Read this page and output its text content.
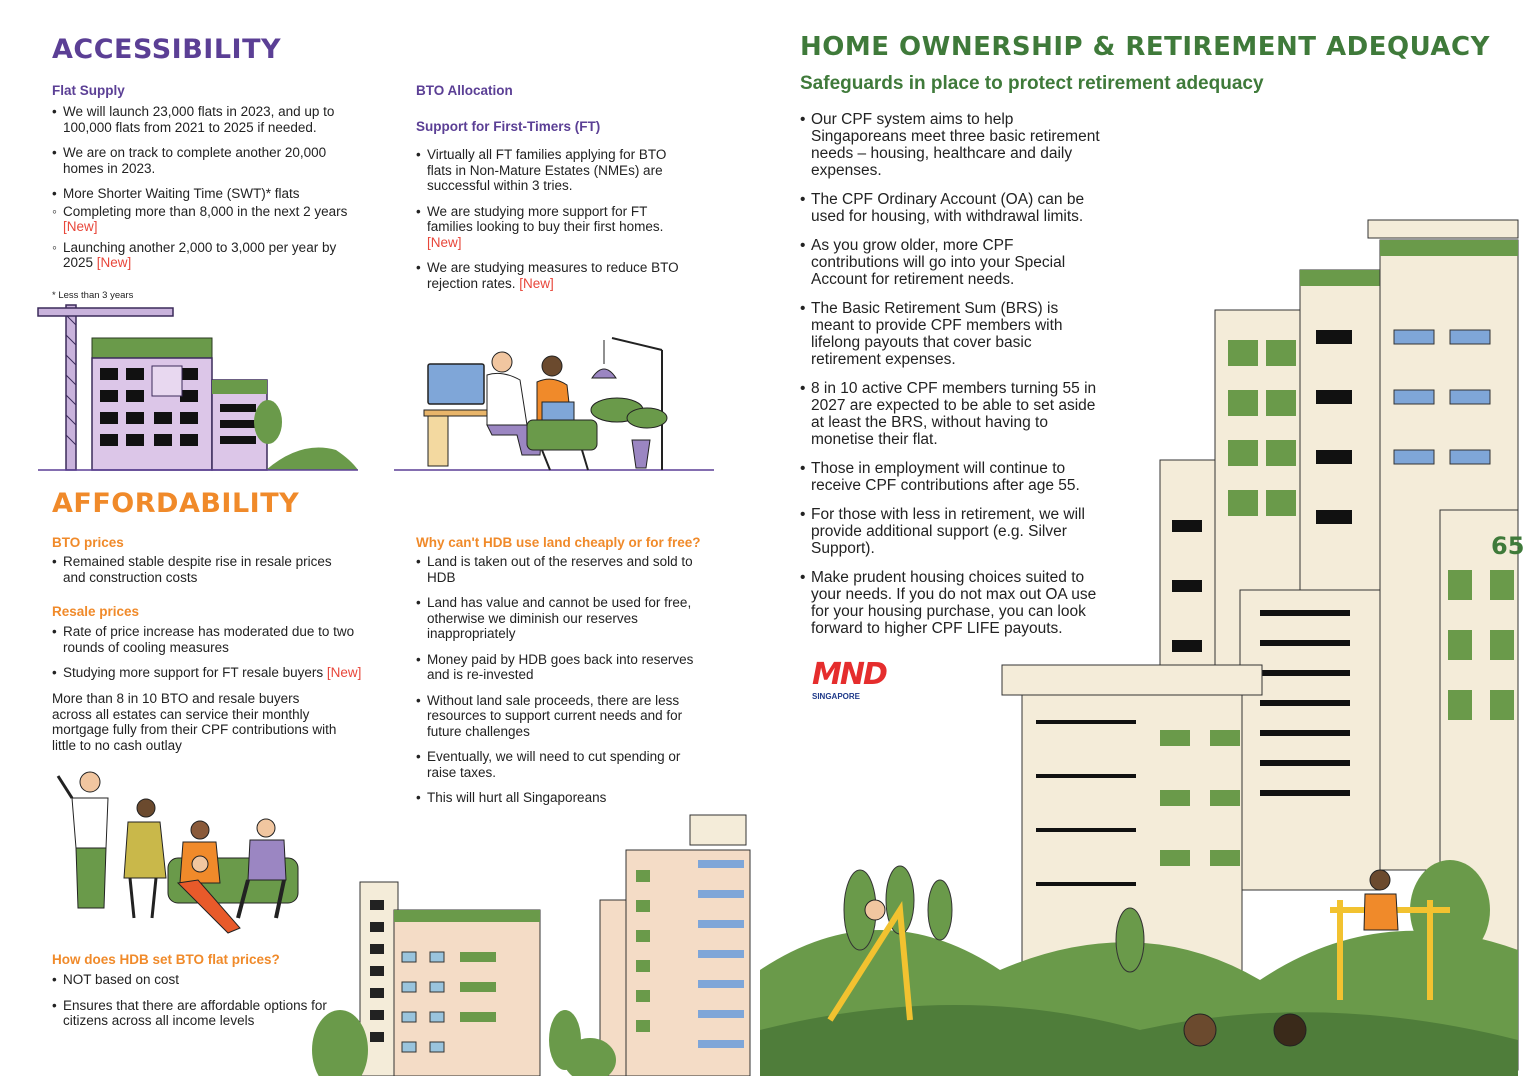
ACCESSIBILITY
Flat Supply
• We will launch 23,000 flats in 2023, and up to 100,000 flats from 2021 to 2025 if needed.
• We are on track to complete another 20,000 homes in 2023.
• More Shorter Waiting Time (SWT)* flats
◦ Completing more than 8,000 in the next 2 years [New]
◦ Launching another 2,000 to 3,000 per year by 2025 [New]
* Less than 3 years
BTO Allocation
Support for First-Timers (FT)
• Virtually all FT families applying for BTO flats in Non-Mature Estates (NMEs) are successful within 3 tries.
• We are studying more support for FT families looking to buy their first homes. [New]
• We are studying measures to reduce BTO rejection rates. [New]
AFFORDABILITY
BTO prices
• Remained stable despite rise in resale prices and construction costs
Resale prices
• Rate of price increase has moderated due to two rounds of cooling measures
• Studying more support for FT resale buyers [New]
More than 8 in 10 BTO and resale buyers across all estates can service their monthly mortgage fully from their CPF contributions with little to no cash outlay
How does HDB set BTO flat prices?
• NOT based on cost
• Ensures that there are affordable options for citizens across all income levels
Why can't HDB use land cheaply or for free?
• Land is taken out of the reserves and sold to HDB
• Land has value and cannot be used for free, otherwise we diminish our reserves inappropriately
• Money paid by HDB goes back into reserves and is re-invested
• Without land sale proceeds, there are less resources to support current needs and for future challenges
• Eventually, we will need to cut spending or raise taxes.
• This will hurt all Singaporeans
HOME OWNERSHIP & RETIREMENT ADEQUACY
Safeguards in place to protect retirement adequacy
65
• Our CPF system aims to help Singaporeans meet three basic retirement needs – housing, healthcare and daily expenses.
• The CPF Ordinary Account (OA) can be used for housing, with withdrawal limits.
• As you grow older, more CPF contributions will go into your Special Account for retirement needs.
• The Basic Retirement Sum (BRS) is meant to provide CPF members with lifelong payouts that cover basic retirement expenses.
• 8 in 10 active CPF members turning 55 in 2027 are expected to be able to set aside at least the BRS, without having to monetise their flat.
• Those in employment will continue to receive CPF contributions after age 55.
• For those with less in retirement, we will provide additional support (e.g. Silver Support).
• Make prudent housing choices suited to your needs. If you do not max out OA use for your housing purchase, you can look forward to higher CPF LIFE payouts.
MND
SINGAPORE
